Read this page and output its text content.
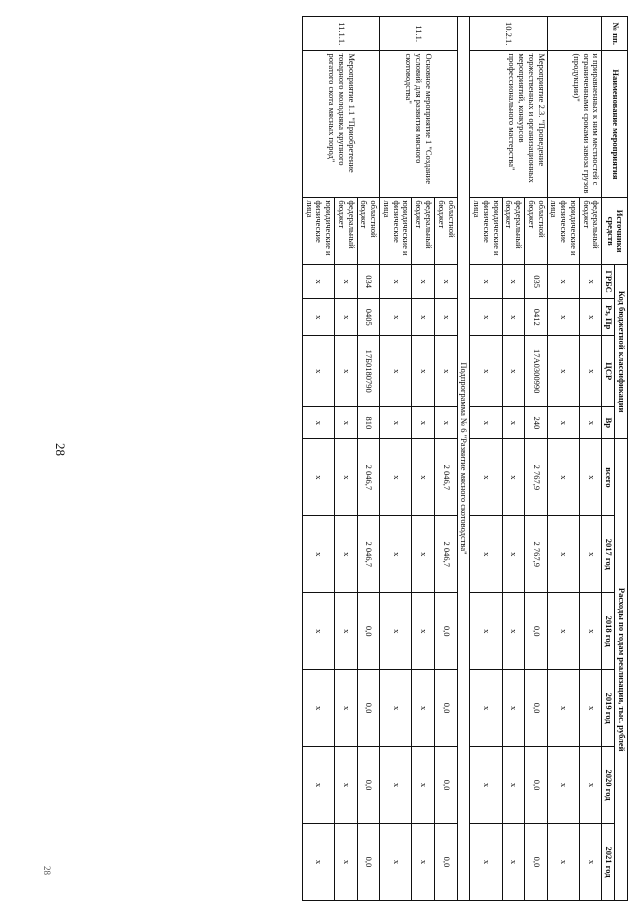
28
28
№ пп.	Наименование мероприятия	Источники средств	Код бюджетной классификации				Расходы по годам реализации, тыс. рублей					
			ГРБС	Рз, Пр	ЦСР	Вр	всего	2017 год	2018 год	2019 год	2020 год	2021 год
	и приравненных к ним местностей с ограниченными сроками завоза грузов (продукции)"	федеральный бюджет	x	x	x	x	x	x	x	x	x	x
		юридические и физические лица	x	x	x	x	x	x	x	x	x	x
10.2.1.	Мероприятие 2.3. "Проведение торжественных и организационных мероприятий, конкурсов профессионального мастерства"	областной бюджет	035	0412	17А0300990	240	2 767,9	2 767,9	0,0	0,0	0,0	0,0
		федеральный бюджет	x	x	x	x	x	x	x	x	x	x
		юридические и физические лица	x	x	x	x	x	x	x	x	x	x
Подпрограмма № 6 "Развитие мясного скотоводства"												
11.1.	Основное мероприятие 1 "Создание условий для развития мясного скотоводства"	областной бюджет	x	x	x	x	2 046,7	2 046,7	0,0	0,0	0,0	0,0
		федеральный бюджет	x	x	x	x	x	x	x	x	x	x
		юридические и физические лица	x	x	x	x	x	x	x	x	x	x
11.1.1.	Мероприятие 1.1 "Приобретение товарного молодняка крупного рогатого скота мясных пород"	областной бюджет	034	0405	17Б0180790	810	2 046,7	2 046,7	0,0	0,0	0,0	0,0
		федеральный бюджет	x	x	x	x	x	x	x	x	x	x
		юридические и физические лица	x	x	x	x	x	x	x	x	x	x
